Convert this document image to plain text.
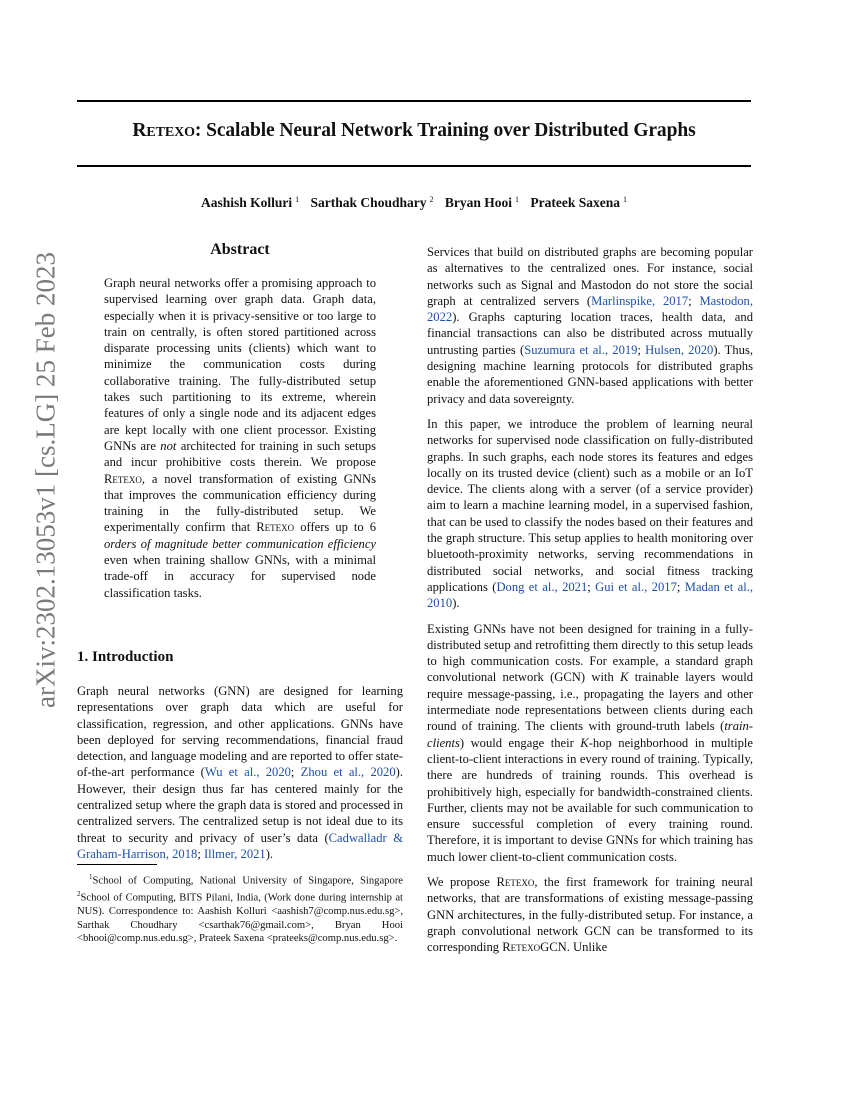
Retexo: Scalable Neural Network Training over Distributed Graphs
Aashish Kolluri $^1$ Sarthak Choudhary $^2$ Bryan Hooi $^1$ Prateek Saxena $^1$
arXiv:2302.13053v1 [cs.LG] 25 Feb 2023
Abstract
Graph neural networks offer a promising approach to supervised learning over graph data. Graph data, especially when it is privacy-sensitive or too large to train on centrally, is often stored partitioned across disparate processing units (clients) which want to minimize the communication costs during collaborative training. The fully-distributed setup takes such partitioning to its extreme, wherein features of only a single node and its adjacent edges are kept locally with one client processor. Existing GNNs are not architected for training in such setups and incur prohibitive costs therein. We propose Retexo, a novel transformation of existing GNNs that improves the communication efficiency during training in the fully-distributed setup. We experimentally confirm that Retexo offers up to 6 orders of magnitude better communication efficiency even when training shallow GNNs, with a minimal trade-off in accuracy for supervised node classification tasks.
1. Introduction
Graph neural networks (GNN) are designed for learning representations over graph data which are useful for classification, regression, and other applications. GNNs have been deployed for serving recommendations, financial fraud detection, and language modeling and are reported to offer state-of-the-art performance (Wu et al., 2020; Zhou et al., 2020). However, their design thus far has centered mainly for the centralized setup where the graph data is stored and processed in centralized servers. The centralized setup is not ideal due to its threat to security and privacy of user’s data (Cadwalladr & Graham-Harrison, 2018; Illmer, 2021).

$^1$School of Computing, National University of Singapore, Singapore $^2$School of Computing, BITS Pilani, India, (Work done during internship at NUS). Correspondence to: Aashish Kolluri <aashish7@comp.nus.edu.sg>, Sarthak Choudhary <csarthak76@gmail.com>, Bryan Hooi <bhooi@comp.nus.edu.sg>, Prateek Saxena <prateeks@comp.nus.edu.sg>.

Services that build on distributed graphs are becoming popular as alternatives to the centralized ones. For instance, social networks such as Signal and Mastodon do not store the social graph at centralized servers (Marlinspike, 2017; Mastodon, 2022). Graphs capturing location traces, health data, and financial transactions can also be distributed across mutually untrusting parties (Suzumura et al., 2019; Hulsen, 2020). Thus, designing machine learning protocols for distributed graphs enable the aforementioned GNN-based applications with better privacy and data sovereignty.

In this paper, we introduce the problem of learning neural networks for supervised node classification on fully-distributed graphs. In such graphs, each node stores its features and edges locally on its trusted device (client) such as a mobile or an IoT device. The clients along with a server (of a service provider) aim to learn a machine learning model, in a supervised fashion, that can be used to classify the nodes based on their features and the graph structure. This setup applies to health monitoring over bluetooth-proximity networks, serving recommendations in distributed social networks, and social fitness tracking applications (Dong et al., 2021; Gui et al., 2017; Madan et al., 2010).

Existing GNNs have not been designed for training in a fully-distributed setup and retrofitting them directly to this setup leads to high communication costs. For example, a standard graph convolutional network (GCN) with K trainable layers would require message-passing, i.e., propagating the layers and other intermediate node representations between clients during each round of training. The clients with ground-truth labels (train-clients) would engage their K-hop neighborhood in multiple client-to-client interactions in every round of training. Typically, there are hundreds of training rounds. This overhead is prohibitively high, especially for bandwidth-constrained clients. Further, clients may not be available for such communication to ensure successful completion of every training round. Therefore, it is important to devise GNNs for which training has much lower client-to-client communication costs.

We propose Retexo, the first framework for training neural networks, that are transformations of existing message-passing GNN architectures, in the fully-distributed setup. For instance, a graph convolutional network GCN can be transformed to its corresponding RetexoGCN. Unlike
